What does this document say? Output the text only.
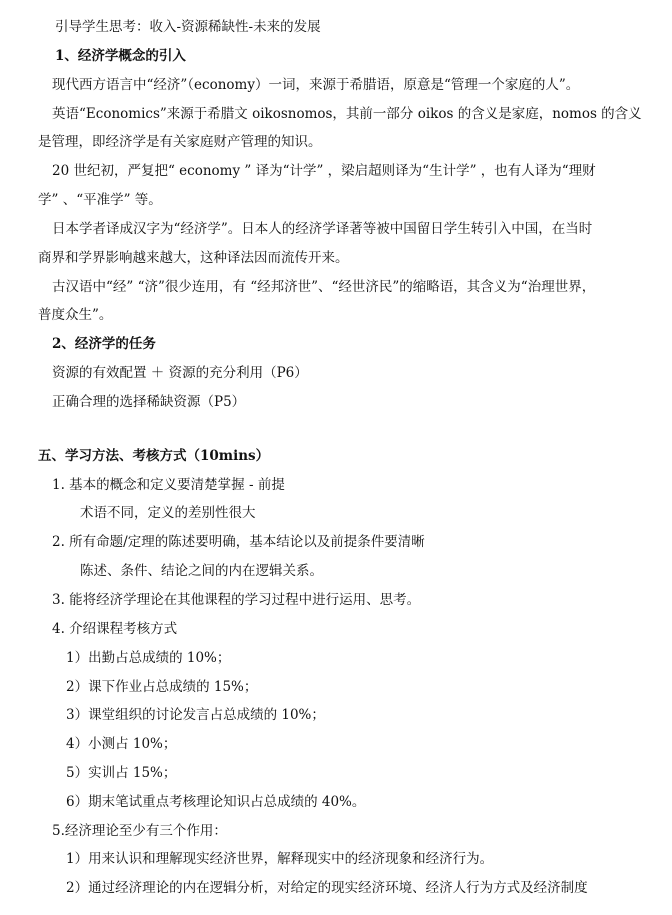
引导学生思考：收入-资源稀缺性-未来的发展
1、经济学概念的引入
现代西方语言中“经济”（economy）一词，来源于希腊语，原意是“管理一个家庭的人”。
英语“Economics”来源于希腊文 oikosnomos，其前一部分 oikos 的含义是家庭，nomos 的含义
是管理，即经济学是有关家庭财产管理的知识。
20 世纪初，严复把“ economy ” 译为“计学” ，梁启超则译为“生计学” ，也有人译为“理财
学” 、“平准学” 等。
日本学者译成汉字为“经济学”。日本人的经济学译著等被中国留日学生转引入中国，在当时
商界和学界影响越来越大，这种译法因而流传开来。
古汉语中“经” “济”很少连用，有 “经邦济世”、“经世济民”的缩略语，其含义为“治理世界，
普度众生”。
2、经济学的任务
资源的有效配置 ＋ 资源的充分利用（P6）
正确合理的选择稀缺资源（P5）
五、学习方法、考核方式（10mins）
1. 基本的概念和定义要清楚掌握 - 前提
术语不同，定义的差别性很大
2. 所有命题/定理的陈述要明确，基本结论以及前提条件要清晰
陈述、条件、结论之间的内在逻辑关系。
3. 能将经济学理论在其他课程的学习过程中进行运用、思考。
4. 介绍课程考核方式
1）出勤占总成绩的 10%；
2）课下作业占总成绩的 15%；
3）课堂组织的讨论发言占总成绩的 10%；
4）小测占 10%；
5）实训占 15%；
6）期末笔试重点考核理论知识占总成绩的 40%。
5.经济理论至少有三个作用：
1）用来认识和理解现实经济世界，解释现实中的经济现象和经济行为。
2）通过经济理论的内在逻辑分析，对给定的现实经济环境、经济人行为方式及经济制度
